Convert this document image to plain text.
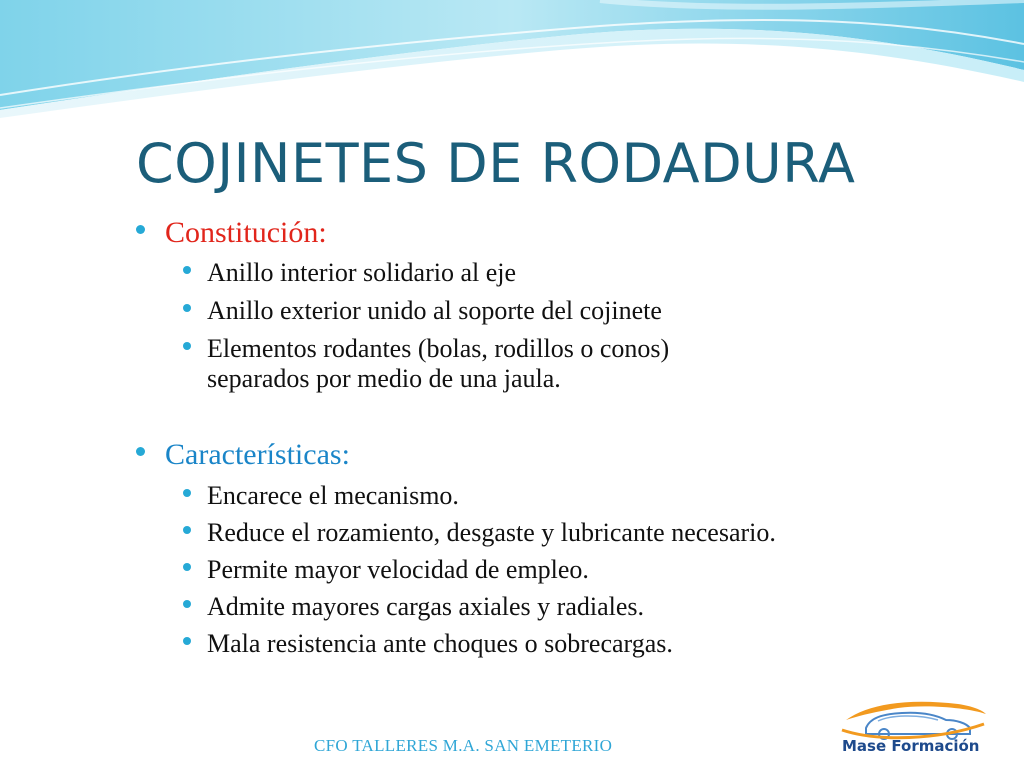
COJINETES DE RODADURA
Constitución:
Anillo interior solidario al eje
Anillo exterior unido al soporte del cojinete
Elementos rodantes (bolas, rodillos o conos)
separados por medio de una jaula.
Características:
Encarece el mecanismo.
Reduce el rozamiento, desgaste y lubricante necesario.
Permite mayor velocidad de empleo.
Admite mayores cargas axiales y radiales.
Mala resistencia ante choques o sobrecargas.
CFO TALLERES M.A. SAN EMETERIO	Mase Formación
